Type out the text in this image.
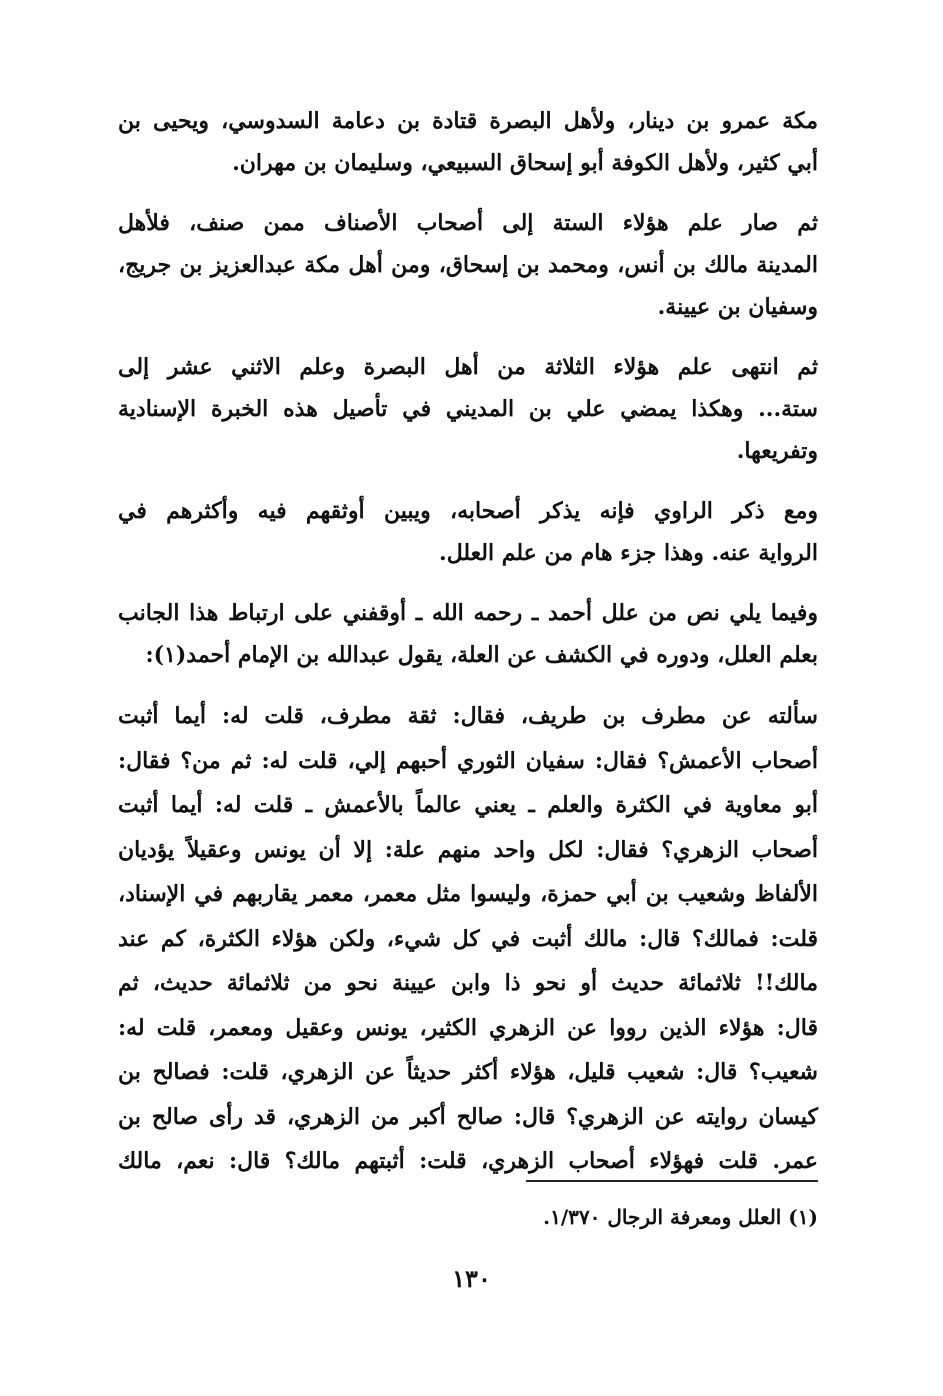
مكة عمرو بن دينار، ولأهل البصرة قتادة بن دعامة السدوسي، ويحيى بن
أبي كثير، ولأهل الكوفة أبو إسحاق السبيعي، وسليمان بن مهران.
ثم صار علم هؤلاء الستة إلى أصحاب الأصناف ممن صنف، فلأهل
المدينة مالك بن أنس، ومحمد بن إسحاق، ومن أهل مكة عبدالعزيز بن جريج،
وسفيان بن عيينة.
ثم انتهى علم هؤلاء الثلاثة من أهل البصرة وعلم الاثني عشر إلى
ستة... وهكذا يمضي علي بن المديني في تأصيل هذه الخبرة الإسنادية
وتفريعها.
ومع ذكر الراوي فإنه يذكر أصحابه، ويبين أوثقهم فيه وأكثرهم في
الرواية عنه. وهذا جزء هام من علم العلل.
وفيما يلي نص من علل أحمد ـ رحمه الله ـ أوقفني على ارتباط هذا الجانب
بعلم العلل، ودوره في الكشف عن العلة، يقول عبدالله بن الإمام أحمد(١):
سألته عن مطرف بن طريف، فقال: ثقة مطرف، قلت له: أيما أثبت
أصحاب الأعمش؟ فقال: سفيان الثوري أحبهم إلي، قلت له: ثم من؟ فقال:
أبو معاوية في الكثرة والعلم ـ يعني عالماً بالأعمش ـ قلت له: أيما أثبت
أصحاب الزهري؟ فقال: لكل واحد منهم علة: إلا أن يونس وعقيلاً يؤديان
الألفاظ وشعيب بن أبي حمزة، وليسوا مثل معمر، معمر يقاربهم في الإسناد،
قلت: فمالك؟ قال: مالك أثبت في كل شيء، ولكن هؤلاء الكثرة، كم عند
مالك!! ثلاثمائة حديث أو نحو ذا وابن عيينة نحو من ثلاثمائة حديث، ثم
قال: هؤلاء الذين رووا عن الزهري الكثير، يونس وعقيل ومعمر، قلت له:
شعيب؟ قال: شعيب قليل، هؤلاء أكثر حديثاً عن الزهري، قلت: فصالح بن
كيسان روايته عن الزهري؟ قال: صالح أكبر من الزهري، قد رأى صالح بن
عمر. قلت فهؤلاء أصحاب الزهري، قلت: أثبتهم مالك؟ قال: نعم، مالك
(١) العلل ومعرفة الرجال ١/٣٧٠.
١٣٠
